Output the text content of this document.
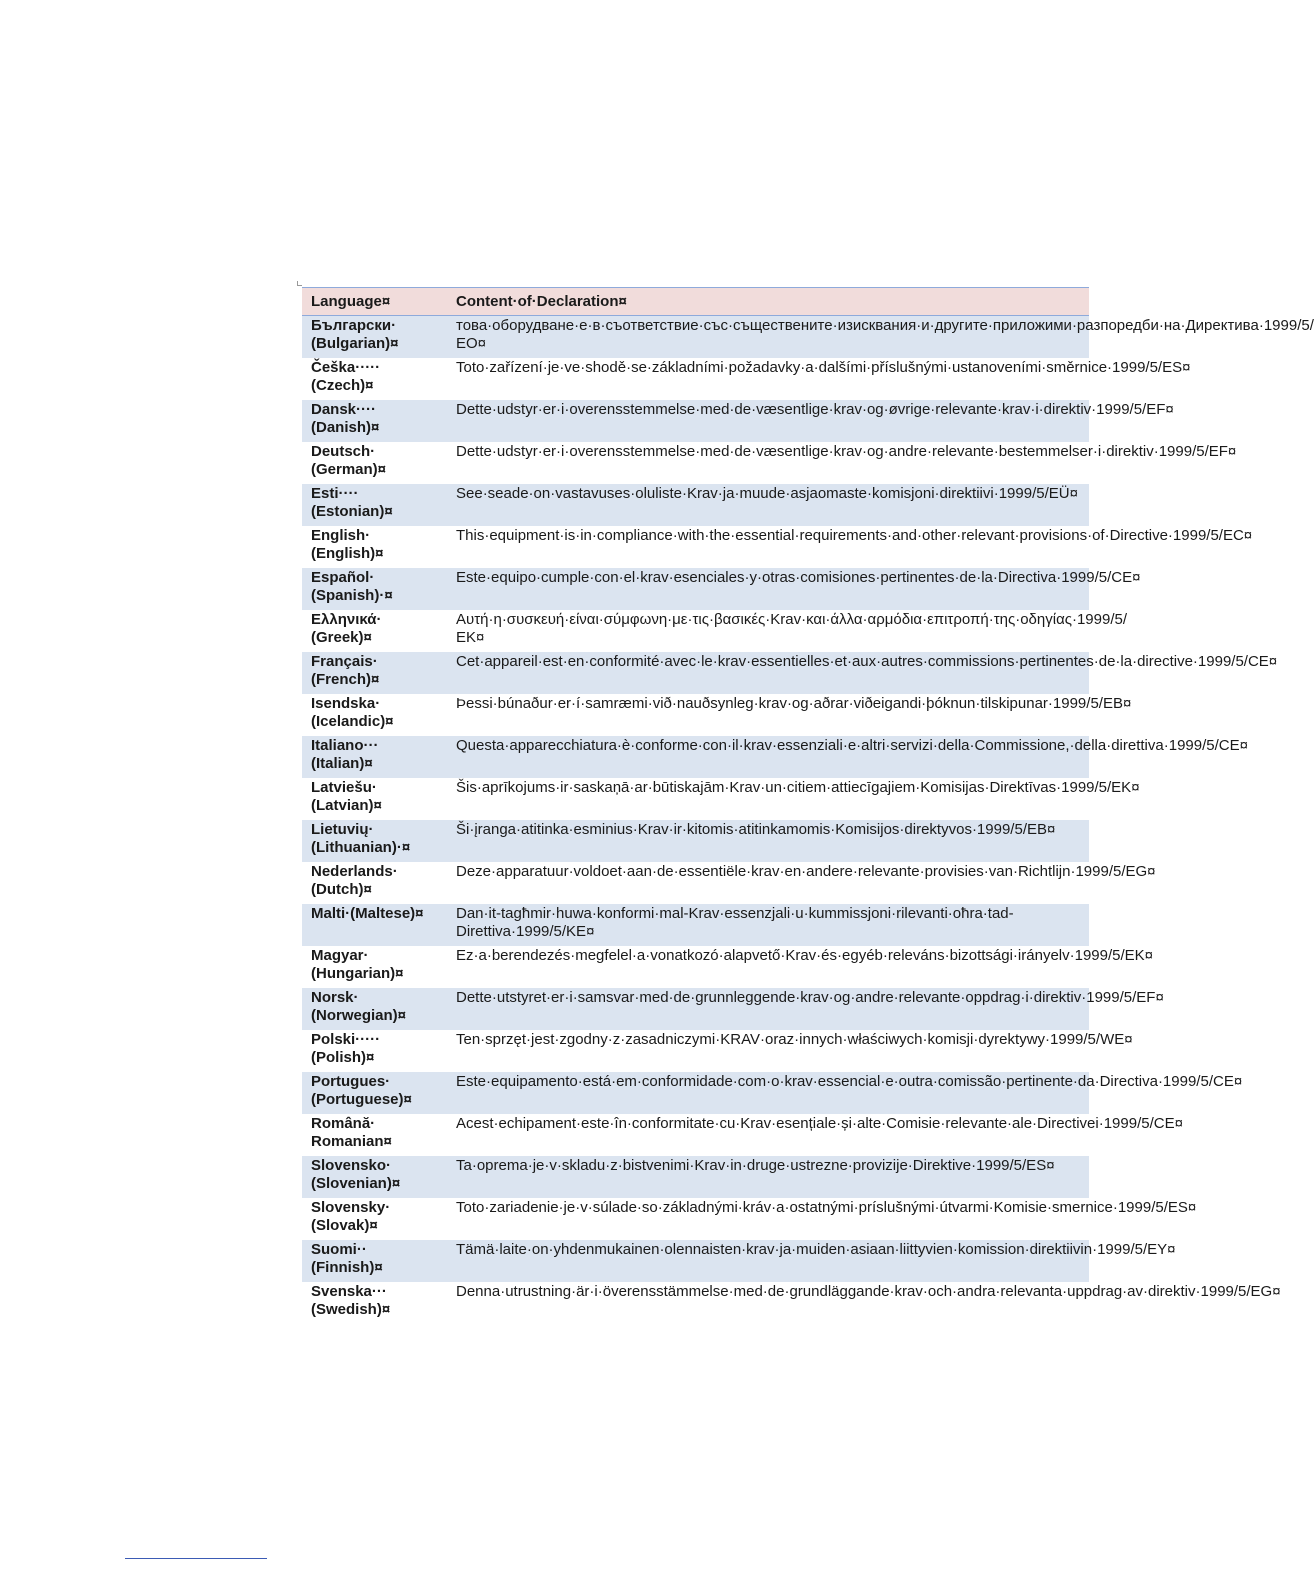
Language¤	Content·of·Declaration¤
Български·
(Bulgarian)¤	това·оборудване·е·в·съответствие·със·съществените·изисквания·и·другите·приложими·разпоредби·на·Директива·1999/5/ЕО¤
Češka·····
(Czech)¤	Toto·zařízení·je·ve·shodě·se·základními·požadavky·a·dalšími·příslušnými·ustanoveními·směrnice·1999/5/ES¤
Dansk····
(Danish)¤	Dette·udstyr·er·i·overensstemmelse·med·de·væsentlige·krav·og·øvrige·relevante·krav·i·direktiv·1999/5/EF¤
Deutsch·
(German)¤	Dette·udstyr·er·i·overensstemmelse·med·de·væsentlige·krav·og·andre·relevante·bestemmelser·i·direktiv·1999/5/EF¤
Esti····
(Estonian)¤	See·seade·on·vastavuses·oluliste·Krav·ja·muude·asjaomaste·komisjoni·direktiivi·1999/5/EÜ¤
English·
(English)¤	This·equipment·is·in·compliance·with·the·essential·requirements·and·other·relevant·provisions·of·Directive·1999/5/EC¤
Español·
(Spanish)·¤	Este·equipo·cumple·con·el·krav·esenciales·y·otras·comisiones·pertinentes·de·la·Directiva·1999/5/CE¤
Ελληνικά·
(Greek)¤	Αυτή·η·συσκευή·είναι·σύμφωνη·με·τις·βασικές·Krav·και·άλλα·αρμόδια·επιτροπή·της·οδηγίας·1999/5/ΕΚ¤
Français·
(French)¤	Cet·appareil·est·en·conformité·avec·le·krav·essentielles·et·aux·autres·commissions·pertinentes·de·la·directive·1999/5/CE¤
Isendska·
(Icelandic)¤	Þessi·búnaður·er·í·samræmi·við·nauðsynleg·krav·og·aðrar·viðeigandi·þóknun·tilskipunar·1999/5/EB¤
Italiano···
(Italian)¤	Questa·apparecchiatura·è·conforme·con·il·krav·essenziali·e·altri·servizi·della·Commissione,·della·direttiva·1999/5/CE¤
Latviešu·
(Latvian)¤	Šis·aprīkojums·ir·saskaņā·ar·būtiskajām·Krav·un·citiem·attiecīgajiem·Komisijas·Direktīvas·1999/5/EK¤
Lietuvių·
(Lithuanian)·¤	Ši·įranga·atitinka·esminius·Krav·ir·kitomis·atitinkamomis·Komisijos·direktyvos·1999/5/EB¤
Nederlands·
(Dutch)¤	Deze·apparatuur·voldoet·aan·de·essentiële·krav·en·andere·relevante·provisies·van·Richtlijn·1999/5/EG¤
Malti·(Maltese)¤	Dan·it-tagħmir·huwa·konformi·mal-Krav·essenzjali·u·kummissjoni·rilevanti·oħra·tad-Direttiva·1999/5/KE¤
Magyar·
(Hungarian)¤	Ez·a·berendezés·megfelel·a·vonatkozó·alapvető·Krav·és·egyéb·releváns·bizottsági·irányelv·1999/5/EK¤
Norsk·
(Norwegian)¤	Dette·utstyret·er·i·samsvar·med·de·grunnleggende·krav·og·andre·relevante·oppdrag·i·direktiv·1999/5/EF¤
Polski·····
(Polish)¤	Ten·sprzęt·jest·zgodny·z·zasadniczymi·KRAV·oraz·innych·właściwych·komisji·dyrektywy·1999/5/WE¤
Portugues·
(Portuguese)¤	Este·equipamento·está·em·conformidade·com·o·krav·essencial·e·outra·comissão·pertinente·da·Directiva·1999/5/CE¤
Română·
Romanian¤	Acest·echipament·este·în·conformitate·cu·Krav·esențiale·și·alte·Comisie·relevante·ale·Directivei·1999/5/CE¤
Slovensko·
(Slovenian)¤	Ta·oprema·je·v·skladu·z·bistvenimi·Krav·in·druge·ustrezne·provizije·Direktive·1999/5/ES¤
Slovensky·
(Slovak)¤	Toto·zariadenie·je·v·súlade·so·základnými·kráv·a·ostatnými·príslušnými·útvarmi·Komisie·smernice·1999/5/ES¤
Suomi··
(Finnish)¤	Tämä·laite·on·yhdenmukainen·olennaisten·krav·ja·muiden·asiaan·liittyvien·komission·direktiivin·1999/5/EY¤
Svenska···
(Swedish)¤	Denna·utrustning·är·i·överensstämmelse·med·de·grundläggande·krav·och·andra·relevanta·uppdrag·av·direktiv·1999/5/EG¤
